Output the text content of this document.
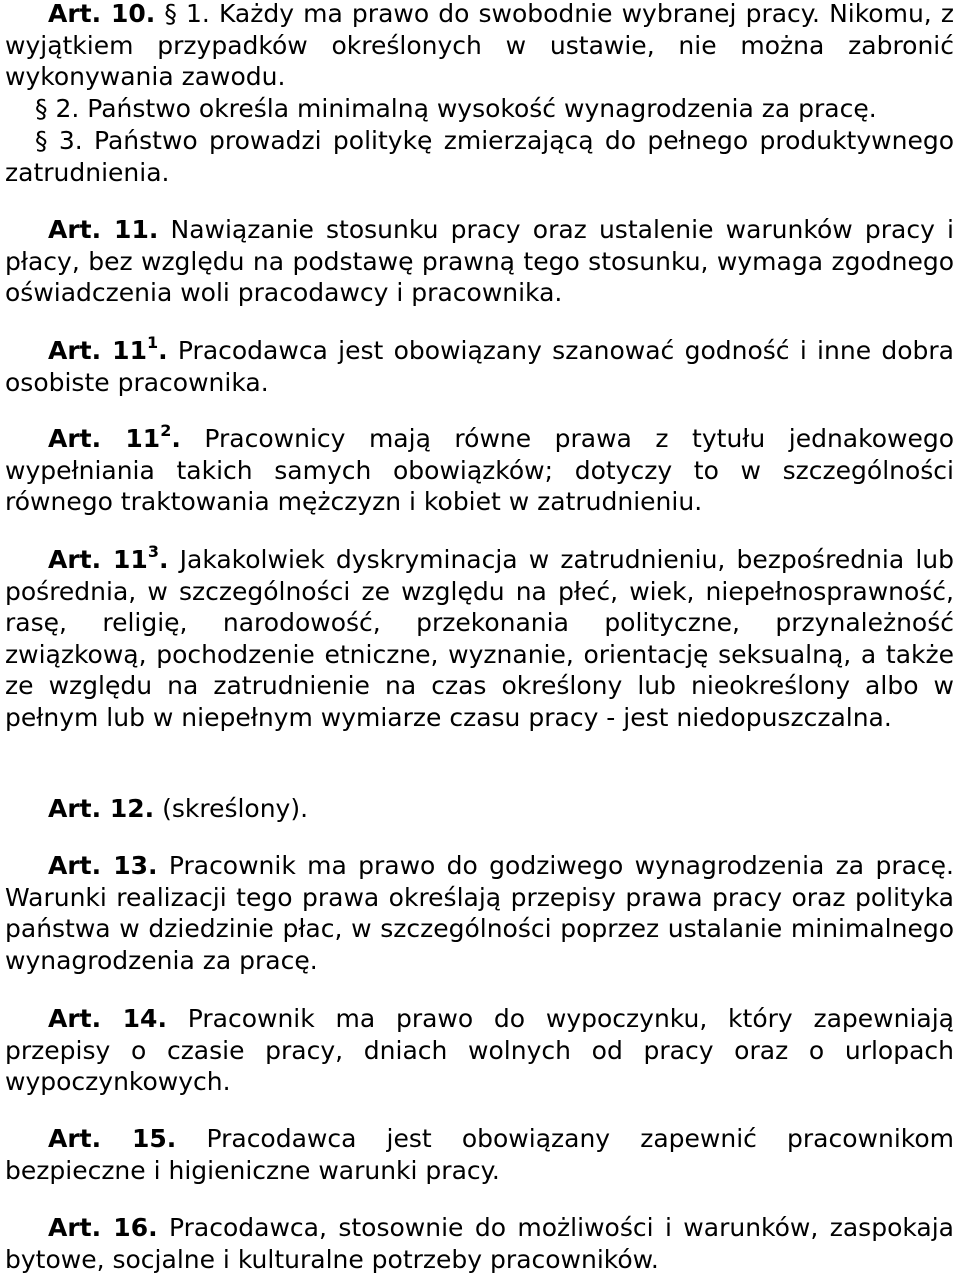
Art. 10. § 1. Każdy ma prawo do swobodnie wybranej pracy. Nikomu, z wyjątkiem przypadków określonych w ustawie, nie można zabronić wykonywania zawodu.

§ 2. Państwo określa minimalną wysokość wynagrodzenia za pracę.

§ 3. Państwo prowadzi politykę zmierzającą do pełnego produktywnego zatrudnienia.

Art. 11. Nawiązanie stosunku pracy oraz ustalenie warunków pracy i płacy, bez względu na podstawę prawną tego stosunku, wymaga zgodnego oświadczenia woli pracodawcy i pracownika.

Art. $11^1$. Pracodawca jest obowiązany szanować godność i inne dobra osobiste pracownika.

Art. $11^2$. Pracownicy mają równe prawa z tytułu jednakowego wypełniania takich samych obowiązków; dotyczy to w szczególności równego traktowania mężczyzn i kobiet w zatrudnieniu.

Art. $11^3$. Jakakolwiek dyskryminacja w zatrudnieniu, bezpośrednia lub pośrednia, w szczególności ze względu na płeć, wiek, niepełnosprawność, rasę, religię, narodowość, przekonania polityczne, przynależność związkową, pochodzenie etniczne, wyznanie, orientację seksualną, a także ze względu na zatrudnienie na czas określony lub nieokreślony albo w pełnym lub w niepełnym wymiarze czasu pracy - jest niedopuszczalna.

Art. 12. (skreślony).

Art. 13. Pracownik ma prawo do godziwego wynagrodzenia za pracę. Warunki realizacji tego prawa określają przepisy prawa pracy oraz polityka państwa w dziedzinie płac, w szczególności poprzez ustalanie minimalnego wynagrodzenia za pracę.

Art. 14. Pracownik ma prawo do wypoczynku, który zapewniają przepisy o czasie pracy, dniach wolnych od pracy oraz o urlopach wypoczynkowych.

Art. 15. Pracodawca jest obowiązany zapewnić pracownikom bezpieczne i higieniczne warunki pracy.

Art. 16. Pracodawca, stosownie do możliwości i warunków, zaspokaja bytowe, socjalne i kulturalne potrzeby pracowników.
